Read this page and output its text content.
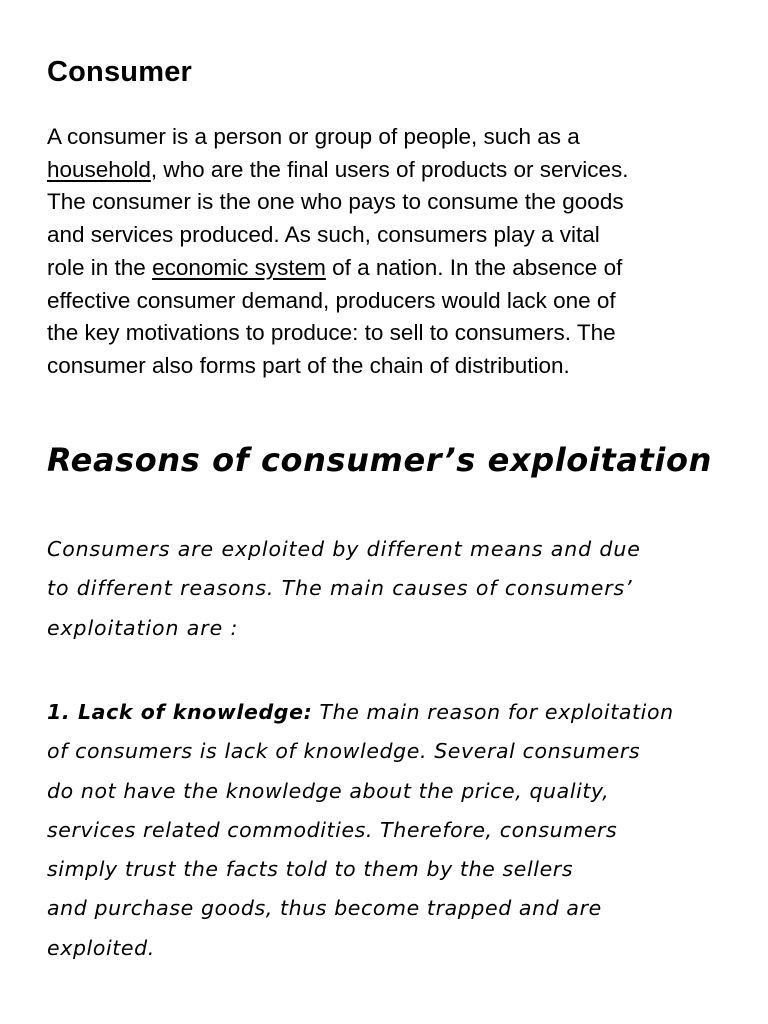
Consumer

A consumer is a person or group of people, such as a
household, who are the final users of products or services.
The consumer is the one who pays to consume the goods
and services produced. As such, consumers play a vital
role in the economic system of a nation. In the absence of
effective consumer demand, producers would lack one of
the key motivations to produce: to sell to consumers. The
consumer also forms part of the chain of distribution.

Reasons of consumer’s exploitation

Consumers are exploited by different means and due
to different reasons. The main causes of consumers’
exploitation are :

1. Lack of knowledge: The main reason for exploitation
of consumers is lack of knowledge. Several consumers
do not have the knowledge about the price, quality,
services related commodities. Therefore, consumers
simply trust the facts told to them by the sellers
and purchase goods, thus become trapped and are
exploited.
